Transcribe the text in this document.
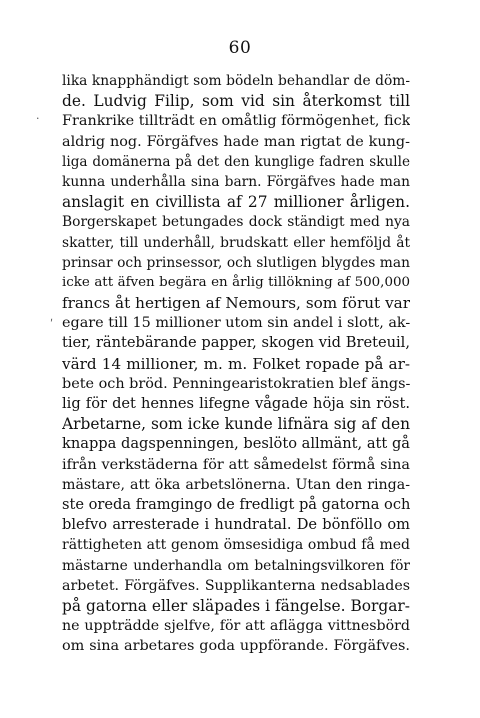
60
lika knapphändigt som bödeln behandlar de döm-
de. Ludvig Filip, som vid sin återkomst till
Frankrike tillträdt en omåtlig förmögenhet, fick
aldrig nog. Förgäfves hade man rigtat de kung-
liga domänerna på det den kunglige fadren skulle
kunna underhålla sina barn. Förgäfves hade man
anslagit en civillista af 27 millioner årligen.
Borgerskapet betungades dock ständigt med nya
skatter, till underhåll, brudskatt eller hemföljd åt
prinsar och prinsessor, och slutligen blygdes man
icke att äfven begära en årlig tillökning af 500,000
francs åt hertigen af Nemours, som förut var
egare till 15 millioner utom sin andel i slott, ak-
tier, räntebärande papper, skogen vid Breteuil,
värd 14 millioner, m. m. Folket ropade på ar-
bete och bröd. Penningearistokratien blef ängs-
lig för det hennes lifegne vågade höja sin röst.
Arbetarne, som icke kunde lifnära sig af den
knappa dagspenningen, beslöto allmänt, att gå
ifrån verkstäderna för att såmedelst förmå sina
mästare, att öka arbetslönerna. Utan den ringa-
ste oreda framgingo de fredligt på gatorna och
blefvo arresterade i hundratal. De bönföllo om
rättigheten att genom ömsesidiga ombud få med
mästarne underhandla om betalningsvilkoren för
arbetet. Förgäfves. Supplikanterna nedsablades
på gatorna eller släpades i fängelse. Borgar-
ne uppträdde sjelfve, för att aflägga vittnesbörd
om sina arbetares goda uppförande. Förgäfves.
·
ʹ
